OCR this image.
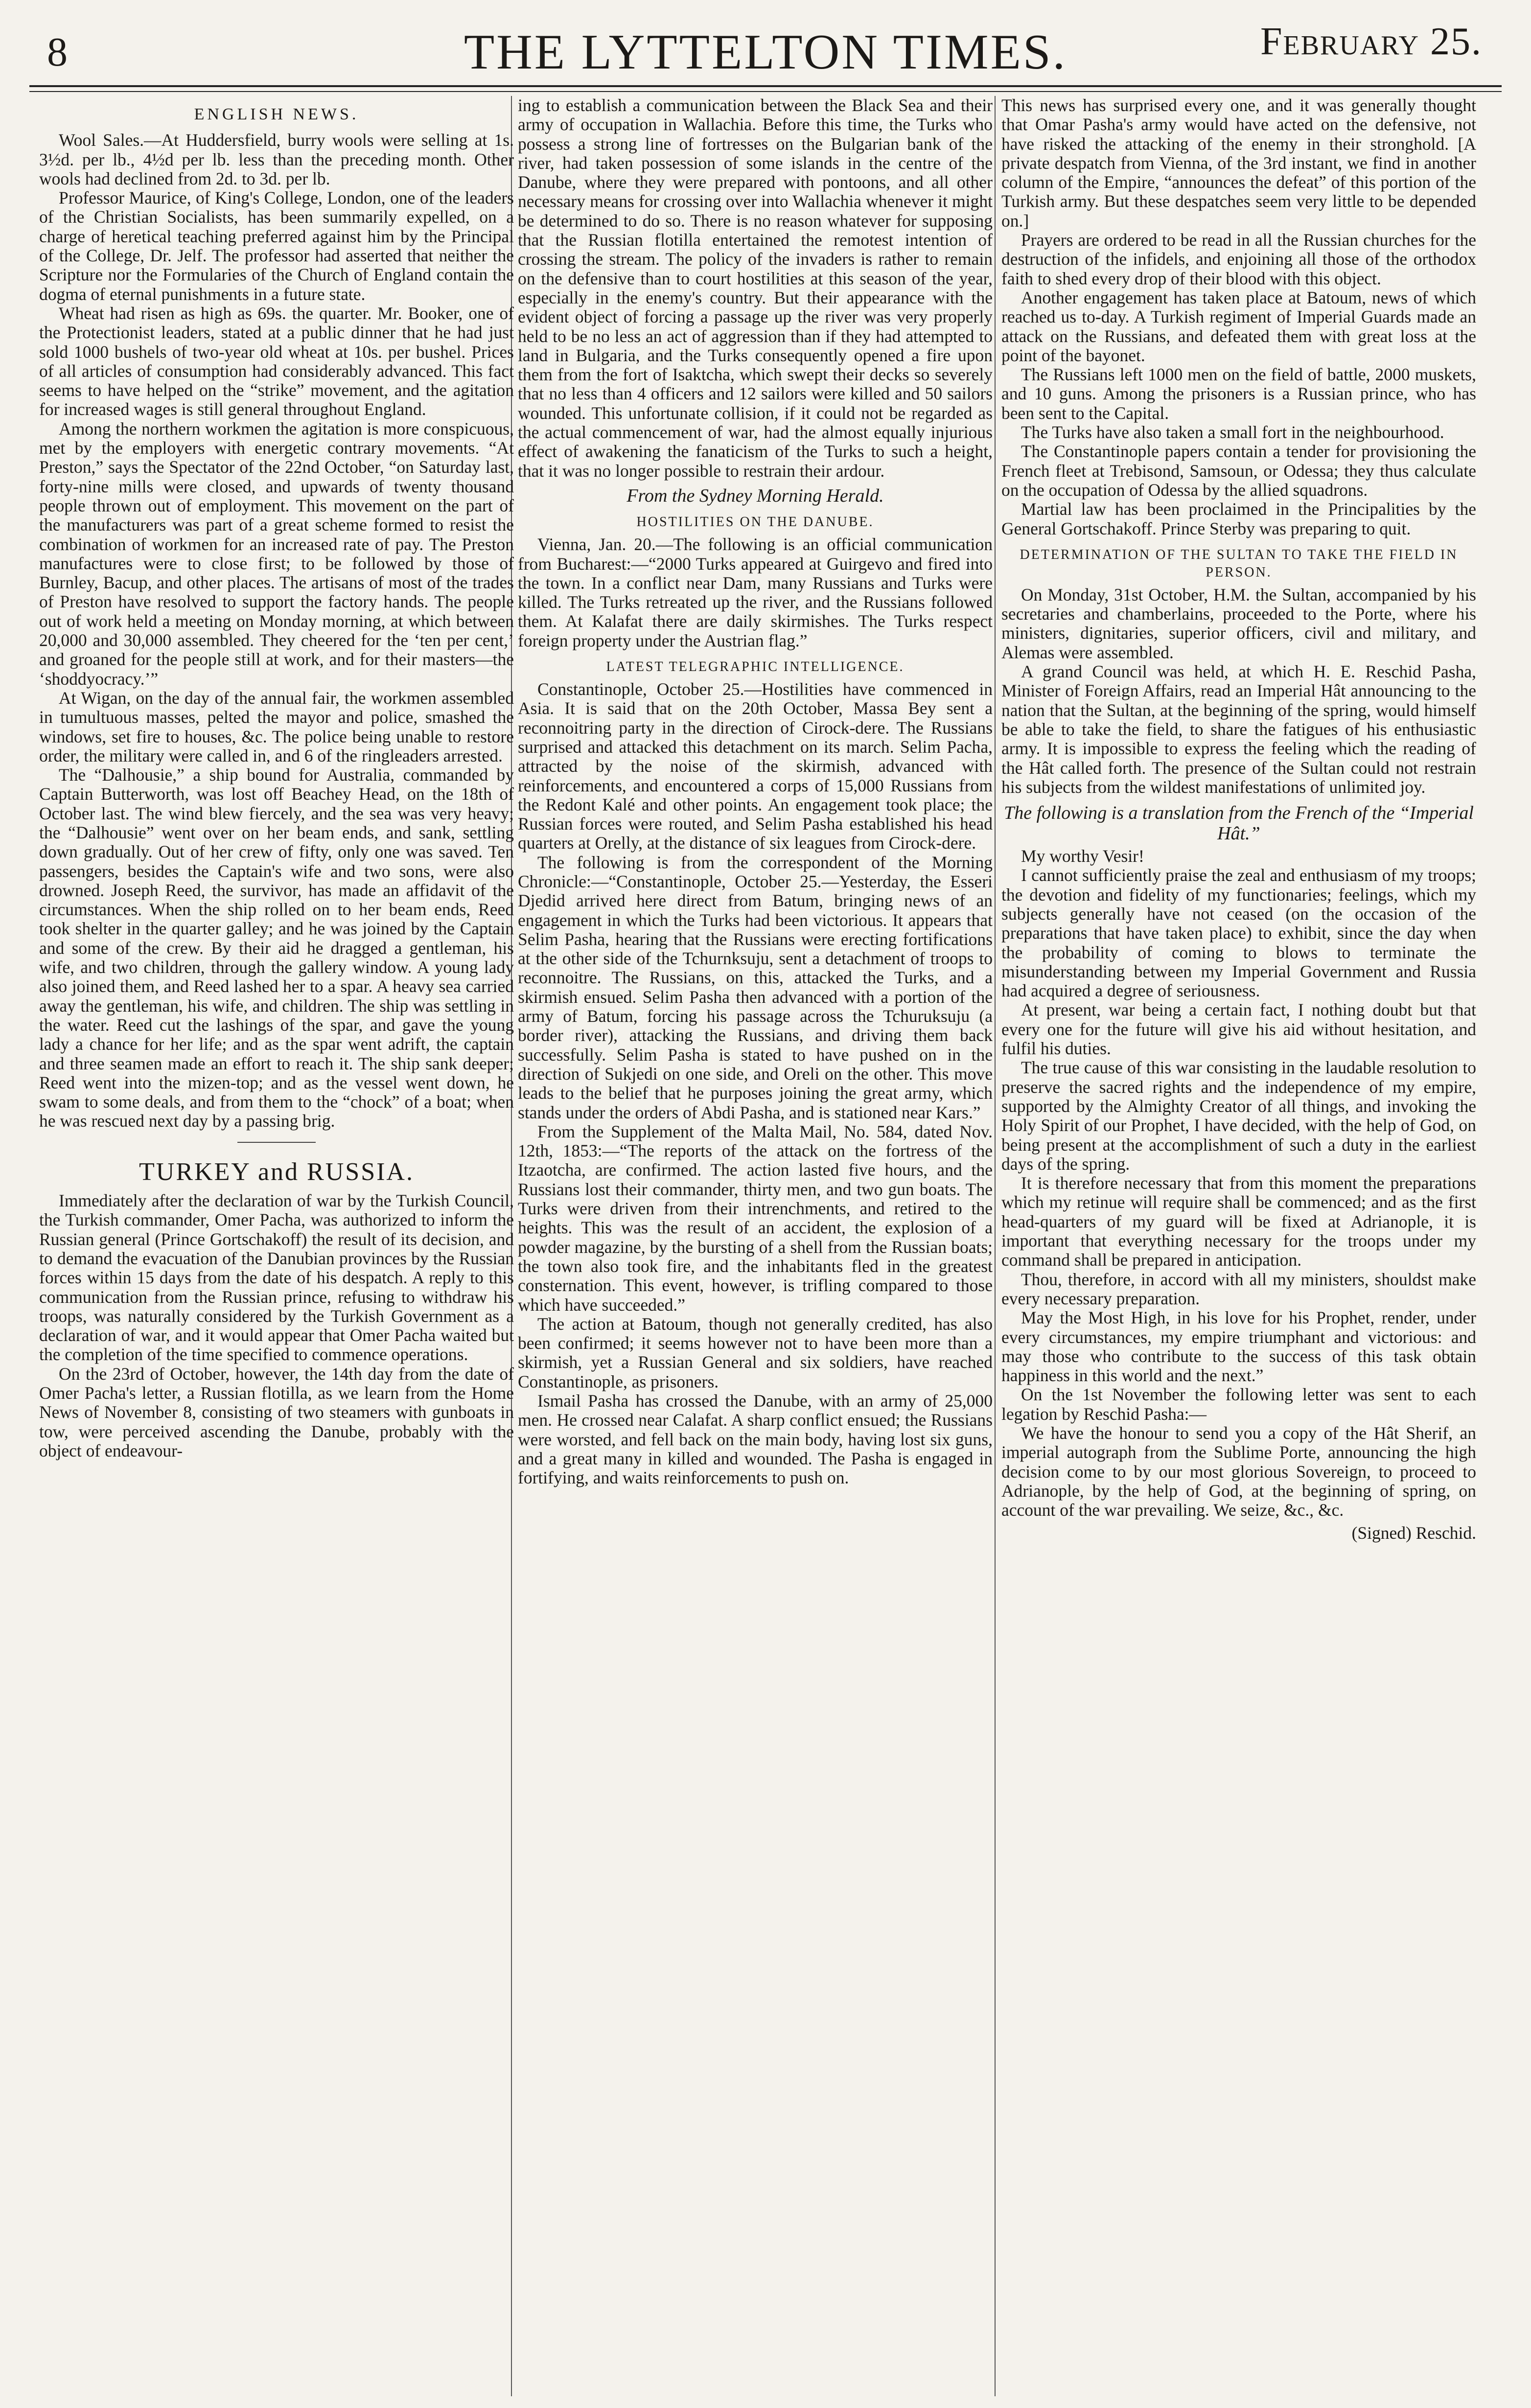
8	THE LYTTELTON TIMES.	February 25.
ENGLISH NEWS.

Wool Sales.—At Huddersfield, burry wools were selling at 1s. 3½d. per lb., 4½d per lb. less than the preceding month. Other wools had declined from 2d. to 3d. per lb.

Professor Maurice, of King's College, London, one of the leaders of the Christian Socialists, has been summarily expelled, on a charge of heretical teaching preferred against him by the Principal of the College, Dr. Jelf. The professor had asserted that neither the Scripture nor the Formularies of the Church of England contain the dogma of eternal punishments in a future state.

Wheat had risen as high as 69s. the quarter. Mr. Booker, one of the Protectionist leaders, stated at a public dinner that he had just sold 1000 bushels of two-year old wheat at 10s. per bushel. Prices of all articles of consumption had considerably advanced. This fact seems to have helped on the “strike” movement, and the agitation for increased wages is still general throughout England.

Among the northern workmen the agitation is more conspicuous, met by the employers with energetic contrary movements. “At Preston,” says the Spectator of the 22nd October, “on Saturday last, forty-nine mills were closed, and upwards of twenty thousand people thrown out of employment. This movement on the part of the manufacturers was part of a great scheme formed to resist the combination of workmen for an increased rate of pay. The Preston manufactures were to close first; to be followed by those of Burnley, Bacup, and other places. The artisans of most of the trades of Preston have resolved to support the factory hands. The people out of work held a meeting on Monday morning, at which between 20,000 and 30,000 assembled. They cheered for the ‘ten per cent,’ and groaned for the people still at work, and for their masters—the ‘shoddyocracy.’”

At Wigan, on the day of the annual fair, the workmen assembled in tumultuous masses, pelted the mayor and police, smashed the windows, set fire to houses, &c. The police being unable to restore order, the military were called in, and 6 of the ringleaders arrested.

The “Dalhousie,” a ship bound for Australia, commanded by Captain Butterworth, was lost off Beachey Head, on the 18th of October last. The wind blew fiercely, and the sea was very heavy; the “Dalhousie” went over on her beam ends, and sank, settling down gradually. Out of her crew of fifty, only one was saved. Ten passengers, besides the Captain's wife and two sons, were also drowned. Joseph Reed, the survivor, has made an affidavit of the circumstances. When the ship rolled on to her beam ends, Reed took shelter in the quarter galley; and he was joined by the Captain and some of the crew. By their aid he dragged a gentleman, his wife, and two children, through the gallery window. A young lady also joined them, and Reed lashed her to a spar. A heavy sea carried away the gentleman, his wife, and children. The ship was settling in the water. Reed cut the lashings of the spar, and gave the young lady a chance for her life; and as the spar went adrift, the captain and three seamen made an effort to reach it. The ship sank deeper; Reed went into the mizen-top; and as the vessel went down, he swam to some deals, and from them to the “chock” of a boat; when he was rescued next day by a passing brig.

TURKEY and RUSSIA.

Immediately after the declaration of war by the Turkish Council, the Turkish commander, Omer Pacha, was authorized to inform the Russian general (Prince Gortschakoff) the result of its decision, and to demand the evacuation of the Danubian provinces by the Russian forces within 15 days from the date of his despatch. A reply to this communication from the Russian prince, refusing to withdraw his troops, was naturally considered by the Turkish Government as a declaration of war, and it would appear that Omer Pacha waited but the completion of the time specified to commence operations.

On the 23rd of October, however, the 14th day from the date of Omer Pacha's letter, a Russian flotilla, as we learn from the Home News of November 8, consisting of two steamers with gunboats in tow, were perceived ascending the Danube, probably with the object of endeavour-

ing to establish a communication between the Black Sea and their army of occupation in Wallachia. Before this time, the Turks who possess a strong line of fortresses on the Bulgarian bank of the river, had taken possession of some islands in the centre of the Danube, where they were prepared with pontoons, and all other necessary means for crossing over into Wallachia whenever it might be determined to do so. There is no reason whatever for supposing that the Russian flotilla entertained the remotest intention of crossing the stream. The policy of the invaders is rather to remain on the defensive than to court hostilities at this season of the year, especially in the enemy's country. But their appearance with the evident object of forcing a passage up the river was very properly held to be no less an act of aggression than if they had attempted to land in Bulgaria, and the Turks consequently opened a fire upon them from the fort of Isaktcha, which swept their decks so severely that no less than 4 officers and 12 sailors were killed and 50 sailors wounded. This unfortunate collision, if it could not be regarded as the actual commencement of war, had the almost equally injurious effect of awakening the fanaticism of the Turks to such a height, that it was no longer possible to restrain their ardour.

From the Sydney Morning Herald.
HOSTILITIES ON THE DANUBE.

Vienna, Jan. 20.—The following is an official communication from Bucharest:—“2000 Turks appeared at Guirgevo and fired into the town. In a conflict near Dam, many Russians and Turks were killed. The Turks retreated up the river, and the Russians followed them. At Kalafat there are daily skirmishes. The Turks respect foreign property under the Austrian flag.”

LATEST TELEGRAPHIC INTELLIGENCE.

Constantinople, October 25.—Hostilities have commenced in Asia. It is said that on the 20th October, Massa Bey sent a reconnoitring party in the direction of Cirock-dere. The Russians surprised and attacked this detachment on its march. Selim Pacha, attracted by the noise of the skirmish, advanced with reinforcements, and encountered a corps of 15,000 Russians from the Redont Kalé and other points. An engagement took place; the Russian forces were routed, and Selim Pasha established his head quarters at Orelly, at the distance of six leagues from Cirock-dere.

The following is from the correspondent of the Morning Chronicle:—“Constantinople, October 25.—Yesterday, the Esseri Djedid arrived here direct from Batum, bringing news of an engagement in which the Turks had been victorious. It appears that Selim Pasha, hearing that the Russians were erecting fortifications at the other side of the Tchurnksuju, sent a detachment of troops to reconnoitre. The Russians, on this, attacked the Turks, and a skirmish ensued. Selim Pasha then advanced with a portion of the army of Batum, forcing his passage across the Tchuruksuju (a border river), attacking the Russians, and driving them back successfully. Selim Pasha is stated to have pushed on in the direction of Sukjedi on one side, and Oreli on the other. This move leads to the belief that he purposes joining the great army, which stands under the orders of Abdi Pasha, and is stationed near Kars.”

From the Supplement of the Malta Mail, No. 584, dated Nov. 12th, 1853:—“The reports of the attack on the fortress of the Itzaotcha, are confirmed. The action lasted five hours, and the Russians lost their commander, thirty men, and two gun boats. The Turks were driven from their intrenchments, and retired to the heights. This was the result of an accident, the explosion of a powder magazine, by the bursting of a shell from the Russian boats; the town also took fire, and the inhabitants fled in the greatest consternation. This event, however, is trifling compared to those which have succeeded.”

The action at Batoum, though not generally credited, has also been confirmed; it seems however not to have been more than a skirmish, yet a Russian General and six soldiers, have reached Constantinople, as prisoners.

Ismail Pasha has crossed the Danube, with an army of 25,000 men. He crossed near Calafat. A sharp conflict ensued; the Russians were worsted, and fell back on the main body, having lost six guns, and a great many in killed and wounded. The Pasha is engaged in fortifying, and waits reinforcements to push on.

This news has surprised every one, and it was generally thought that Omar Pasha's army would have acted on the defensive, not have risked the attacking of the enemy in their stronghold. [A private despatch from Vienna, of the 3rd instant, we find in another column of the Empire, “announces the defeat” of this portion of the Turkish army. But these despatches seem very little to be depended on.]

Prayers are ordered to be read in all the Russian churches for the destruction of the infidels, and enjoining all those of the orthodox faith to shed every drop of their blood with this object.

Another engagement has taken place at Batoum, news of which reached us to-day. A Turkish regiment of Imperial Guards made an attack on the Russians, and defeated them with great loss at the point of the bayonet.

The Russians left 1000 men on the field of battle, 2000 muskets, and 10 guns. Among the prisoners is a Russian prince, who has been sent to the Capital.

The Turks have also taken a small fort in the neighbourhood.

The Constantinople papers contain a tender for provisioning the French fleet at Trebisond, Samsoun, or Odessa; they thus calculate on the occupation of Odessa by the allied squadrons.

Martial law has been proclaimed in the Principalities by the General Gortschakoff. Prince Sterby was preparing to quit.

DETERMINATION OF THE SULTAN TO TAKE THE FIELD IN PERSON.

On Monday, 31st October, H.M. the Sultan, accompanied by his secretaries and chamberlains, proceeded to the Porte, where his ministers, dignitaries, superior officers, civil and military, and Alemas were assembled.

A grand Council was held, at which H. E. Reschid Pasha, Minister of Foreign Affairs, read an Imperial Hât announcing to the nation that the Sultan, at the beginning of the spring, would himself be able to take the field, to share the fatigues of his enthusiastic army. It is impossible to express the feeling which the reading of the Hât called forth. The presence of the Sultan could not restrain his subjects from the wildest manifestations of unlimited joy.

The following is a translation from the French of the “Imperial Hât.”

My worthy Vesir!

I cannot sufficiently praise the zeal and enthusiasm of my troops; the devotion and fidelity of my functionaries; feelings, which my subjects generally have not ceased (on the occasion of the preparations that have taken place) to exhibit, since the day when the probability of coming to blows to terminate the misunderstanding between my Imperial Government and Russia had acquired a degree of seriousness.

At present, war being a certain fact, I nothing doubt but that every one for the future will give his aid without hesitation, and fulfil his duties.

The true cause of this war consisting in the laudable resolution to preserve the sacred rights and the independence of my empire, supported by the Almighty Creator of all things, and invoking the Holy Spirit of our Prophet, I have decided, with the help of God, on being present at the accomplishment of such a duty in the earliest days of the spring.

It is therefore necessary that from this moment the preparations which my retinue will require shall be commenced; and as the first head-quarters of my guard will be fixed at Adrianople, it is important that everything necessary for the troops under my command shall be prepared in anticipation.

Thou, therefore, in accord with all my ministers, shouldst make every necessary preparation.

May the Most High, in his love for his Prophet, render, under every circumstances, my empire triumphant and victorious: and may those who contribute to the success of this task obtain happiness in this world and the next.”

On the 1st November the following letter was sent to each legation by Reschid Pasha:—

We have the honour to send you a copy of the Hât Sherif, an imperial autograph from the Sublime Porte, announcing the high decision come to by our most glorious Sovereign, to proceed to Adrianople, by the help of God, at the beginning of spring, on account of the war prevailing. We seize, &c., &c.

(Signed) Reschid.
